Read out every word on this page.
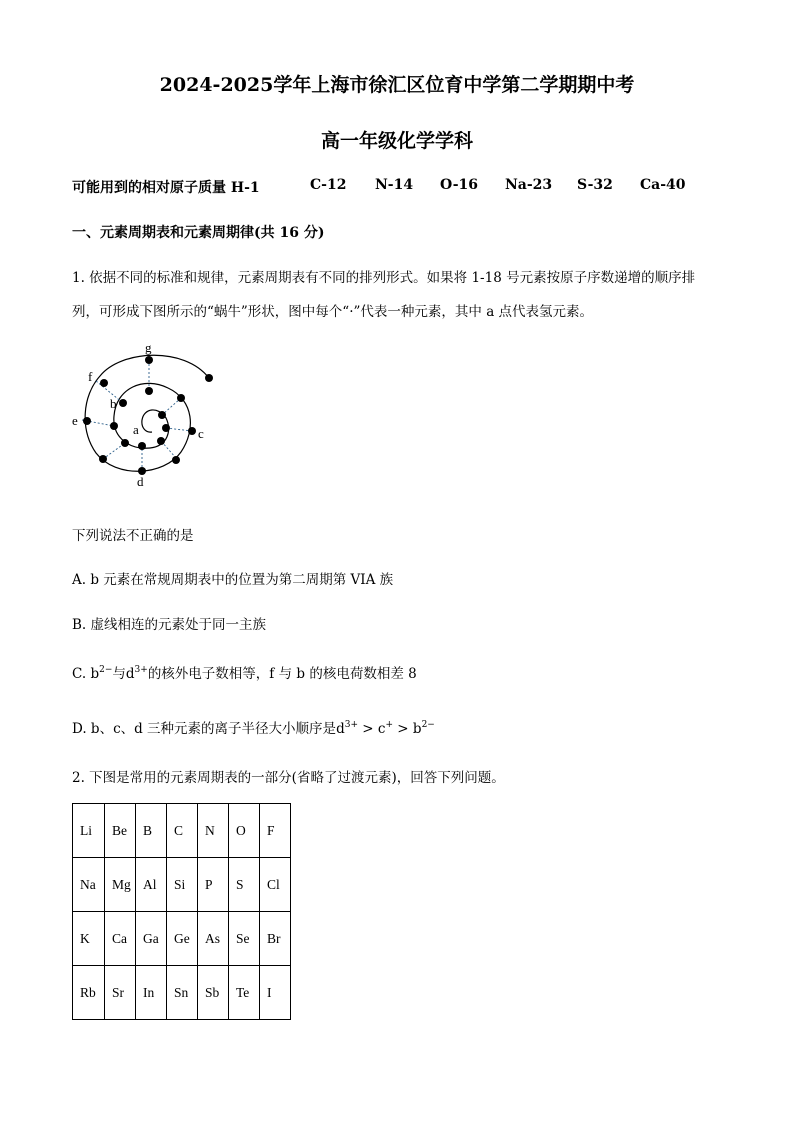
2024-2025学年上海市徐汇区位育中学第二学期期中考
高一年级化学学科
可能用到的相对原子质量 H-1	C-12	N-14	O-16	Na-23	S-32	Ca-40
一、元素周期表和元素周期律(共 16 分)
1. 依据不同的标准和规律，元素周期表有不同的排列形式。如果将 1-18 号元素按原子序数递增的顺序排
列，可形成下图所示的“蜗牛”形状，图中每个“·”代表一种元素，其中 a 点代表氢元素。
g
f
b
e
a	c
d
下列说法不正确的是
A. b 元素在常规周期表中的位置为第二周期第 VIA 族
B. 虚线相连的元素处于同一主族
C. $b^{2-}$与$d^{3+}$的核外电子数相等，f 与 b 的核电荷数相差 8
D. b、c、d 三种元素的离子半径大小顺序是$d^{3+} > c^+ > b^{2-}$
2. 下图是常用的元素周期表的一部分(省略了过渡元素)，回答下列问题。
Li	Be	B	C	N	O	F
Na	Mg	Al	Si	P	S	Cl
K	Ca	Ga	Ge	As	Se	Br
Rb	Sr	In	Sn	Sb	Te	I
